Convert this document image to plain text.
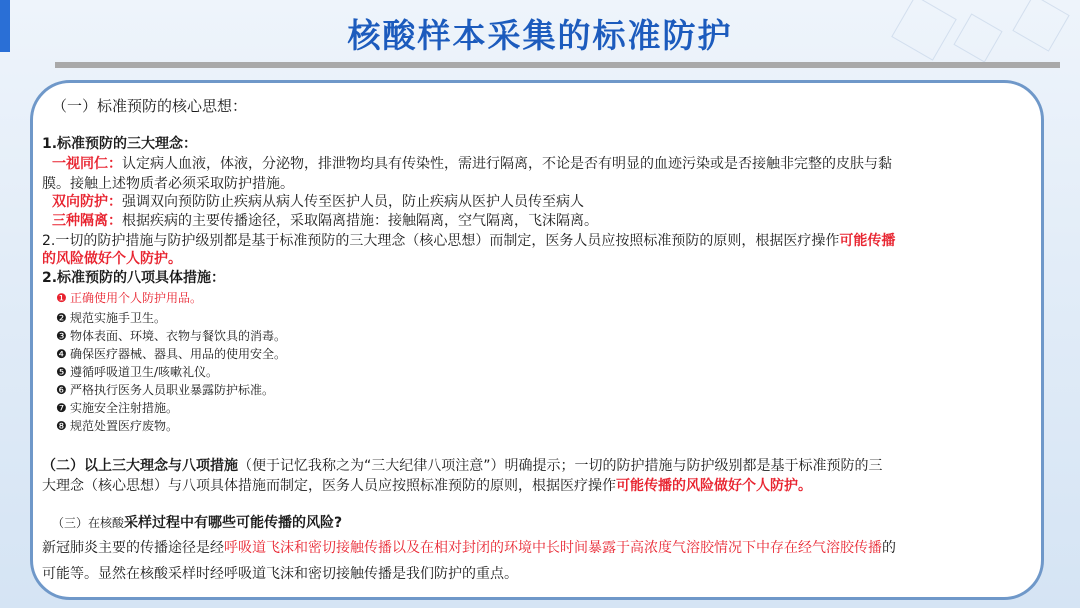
核酸样本采集的标准防护
（一）标准预防的核心思想：
1.标准预防的三大理念：
一视同仁：认定病人血液，体液，分泌物，排泄物均具有传染性，需进行隔离，不论是否有明显的血迹污染或是否接触非完整的皮肤与黏
膜。接触上述物质者必须采取防护措施。
双向防护：强调双向预防防止疾病从病人传至医护人员，防止疾病从医护人员传至病人
三种隔离：根据疾病的主要传播途径，采取隔离措施：接触隔离，空气隔离，飞沫隔离。
2.一切的防护措施与防护级别都是基于标准预防的三大理念（核心思想）而制定，医务人员应按照标准预防的原则，根据医疗操作可能传播
的风险做好个人防护。
2.标准预防的八项具体措施：
❶ 正确使用个人防护用品。
❷ 规范实施手卫生。
❸ 物体表面、环境、衣物与餐饮具的消毒。
❹ 确保医疗器械、器具、用品的使用安全。
❺ 遵循呼吸道卫生/咳嗽礼仪。
❻ 严格执行医务人员职业暴露防护标准。
❼ 实施安全注射措施。
❽ 规范处置医疗废物。
（二）以上三大理念与八项措施（便于记忆我称之为“三大纪律八项注意”）明确提示；一切的防护措施与防护级别都是基于标准预防的三
大理念（核心思想）与八项具体措施而制定，医务人员应按照标准预防的原则，根据医疗操作可能传播的风险做好个人防护。
（三）在核酸采样过程中有哪些可能传播的风险?
新冠肺炎主要的传播途径是经呼吸道飞沫和密切接触传播以及在相对封闭的环境中长时间暴露于高浓度气溶胶情况下中存在经气溶胶传播的
可能等。显然在核酸采样时经呼吸道飞沫和密切接触传播是我们防护的重点。
